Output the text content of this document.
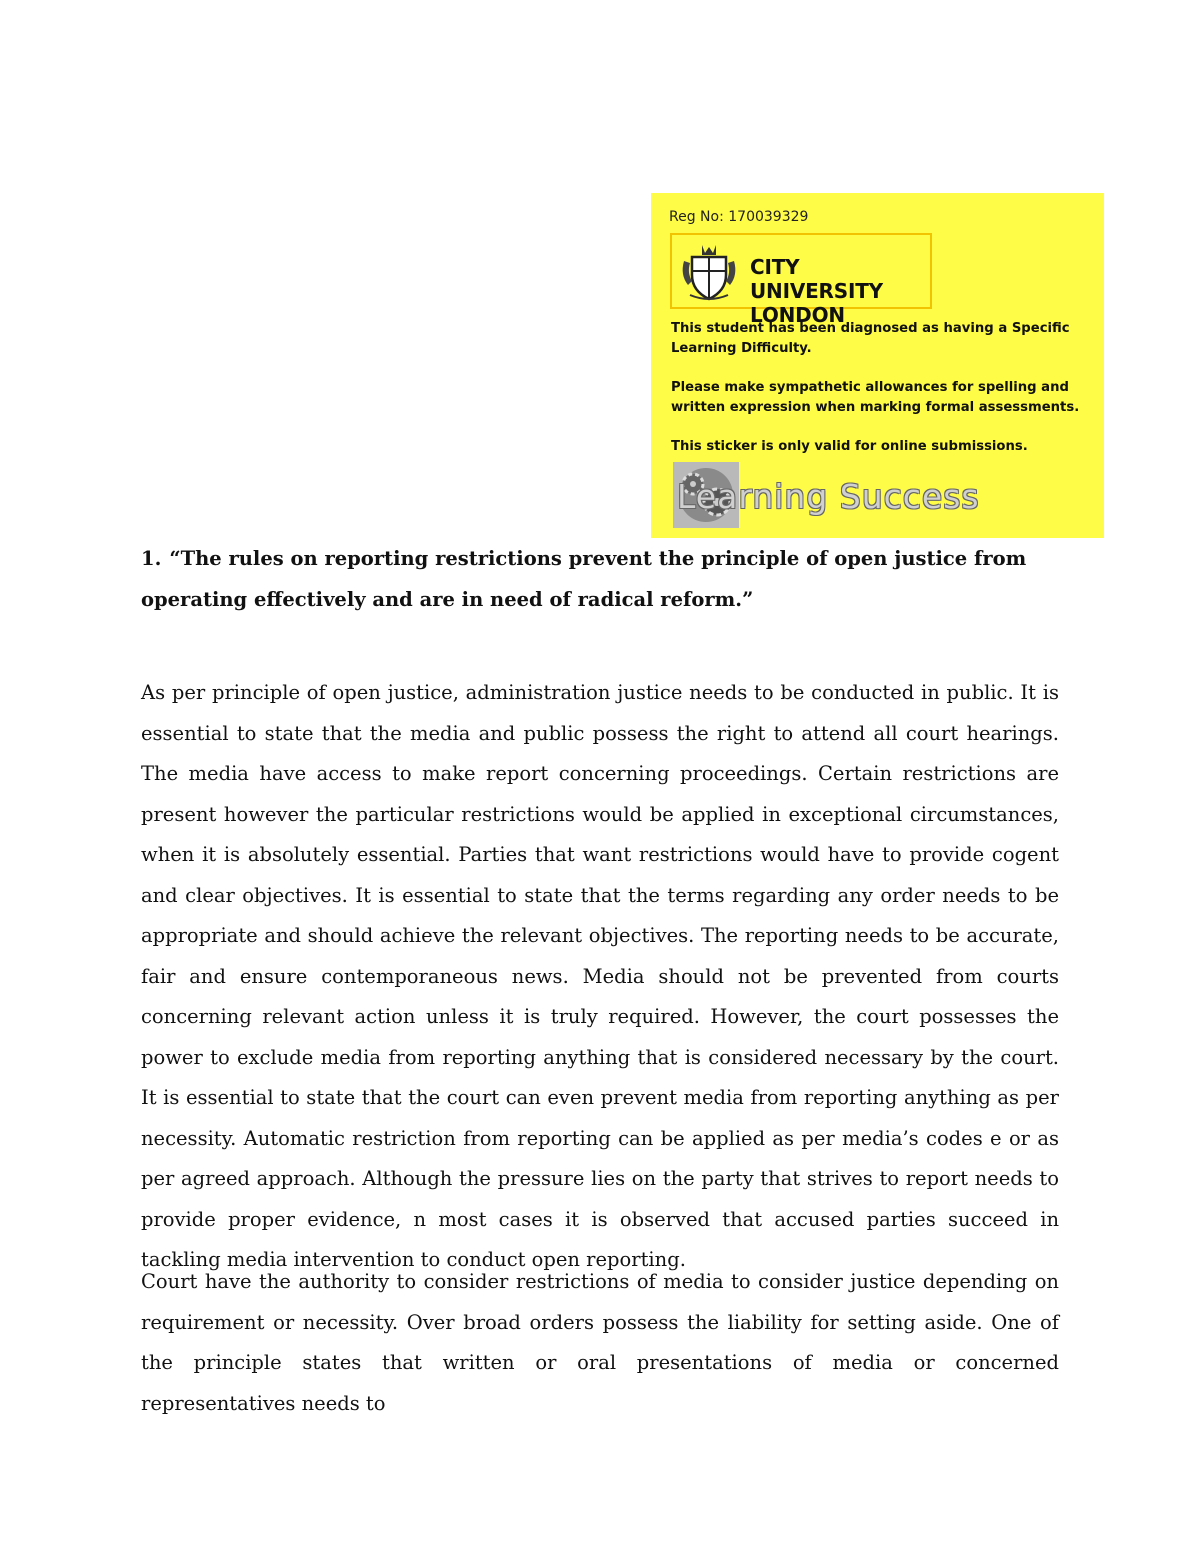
Reg No: 170039329
CITY UNIVERSITY
LONDON
This student has been diagnosed as having a Specific Learning Difficulty.
Please make sympathetic allowances for spelling and written expression when marking formal assessments.
This sticker is only valid for online submissions.
Learning Success

1. “The rules on reporting restrictions prevent the principle of open justice from operating effectively and are in need of radical reform.”

As per principle of open justice, administration justice needs to be conducted in public. It is essential to state that the media and public possess the right to attend all court hearings. The media have access to make report concerning proceedings. Certain restrictions are present however the particular restrictions would be applied in exceptional circumstances, when it is absolutely essential. Parties that want restrictions would have to provide cogent and clear objectives. It is essential to state that the terms regarding any order needs to be appropriate and should achieve the relevant objectives. The reporting needs to be accurate, fair and ensure contemporaneous news. Media should not be prevented from courts concerning relevant action unless it is truly required. However, the court possesses the power to exclude media from reporting anything that is considered necessary by the court. It is essential to state that the court can even prevent media from reporting anything as per necessity. Automatic restriction from reporting can be applied as per media’s codes e or as per agreed approach. Although the pressure lies on the party that strives to report needs to provide proper evidence, n most cases it is observed that accused parties succeed in tackling media intervention to conduct open reporting.

Court have the authority to consider restrictions of media to consider justice depending on requirement or necessity. Over broad orders possess the liability for setting aside. One of the principle states that written or oral presentations of media or concerned representatives needs to
